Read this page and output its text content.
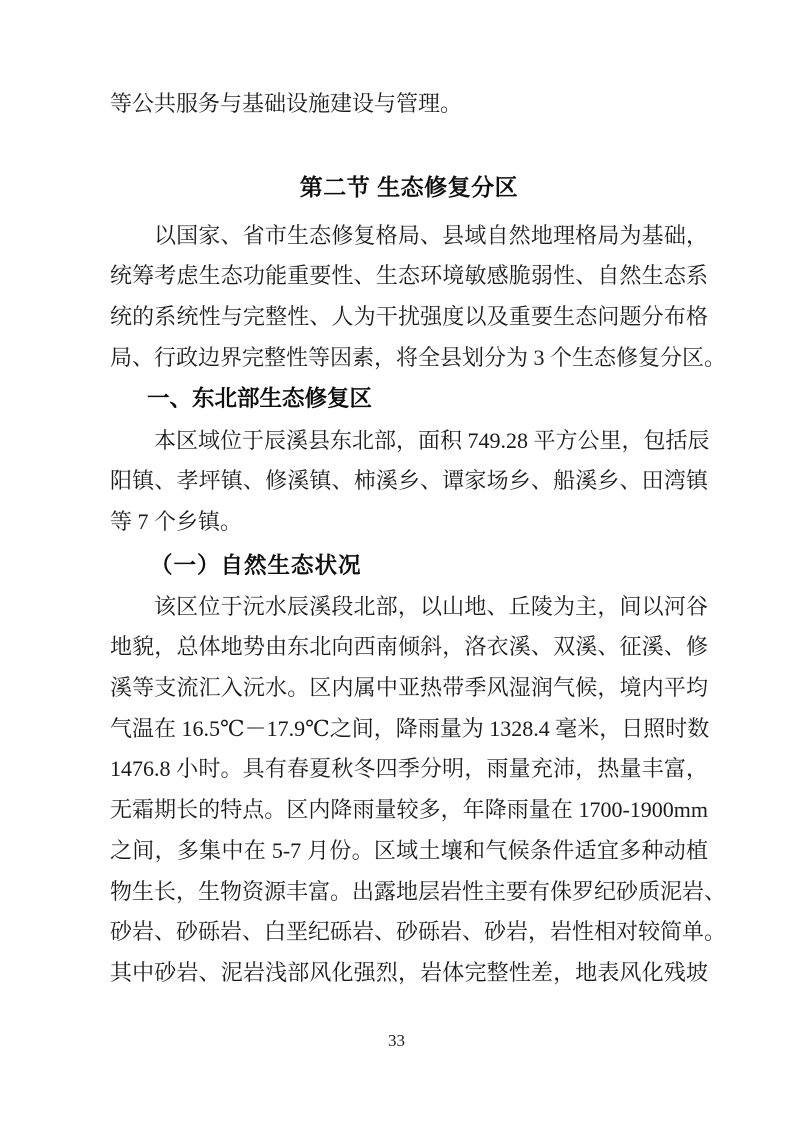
等公共服务与基础设施建设与管理。
第二节 生态修复分区
以国家、省市生态修复格局、县域自然地理格局为基础，
统筹考虑生态功能重要性、生态环境敏感脆弱性、自然生态系
统的系统性与完整性、人为干扰强度以及重要生态问题分布格
局、行政边界完整性等因素，将全县划分为 3 个生态修复分区。
一、东北部生态修复区
本区域位于辰溪县东北部，面积 749.28 平方公里，包括辰
阳镇、孝坪镇、修溪镇、柿溪乡、谭家场乡、船溪乡、田湾镇
等 7 个乡镇。
（一）自然生态状况
该区位于沅水辰溪段北部，以山地、丘陵为主，间以河谷
地貌，总体地势由东北向西南倾斜，洛衣溪、双溪、征溪、修
溪等支流汇入沅水。区内属中亚热带季风湿润气候，境内平均
气温在 16.5℃－17.9℃之间，降雨量为 1328.4 毫米，日照时数
1476.8 小时。具有春夏秋冬四季分明，雨量充沛，热量丰富，
无霜期长的特点。区内降雨量较多，年降雨量在 1700-1900mm
之间，多集中在 5-7 月份。区域土壤和气候条件适宜多种动植
物生长，生物资源丰富。出露地层岩性主要有侏罗纪砂质泥岩、
砂岩、砂砾岩、白垩纪砾岩、砂砾岩、砂岩，岩性相对较简单。
其中砂岩、泥岩浅部风化强烈，岩体完整性差，地表风化残坡
33
